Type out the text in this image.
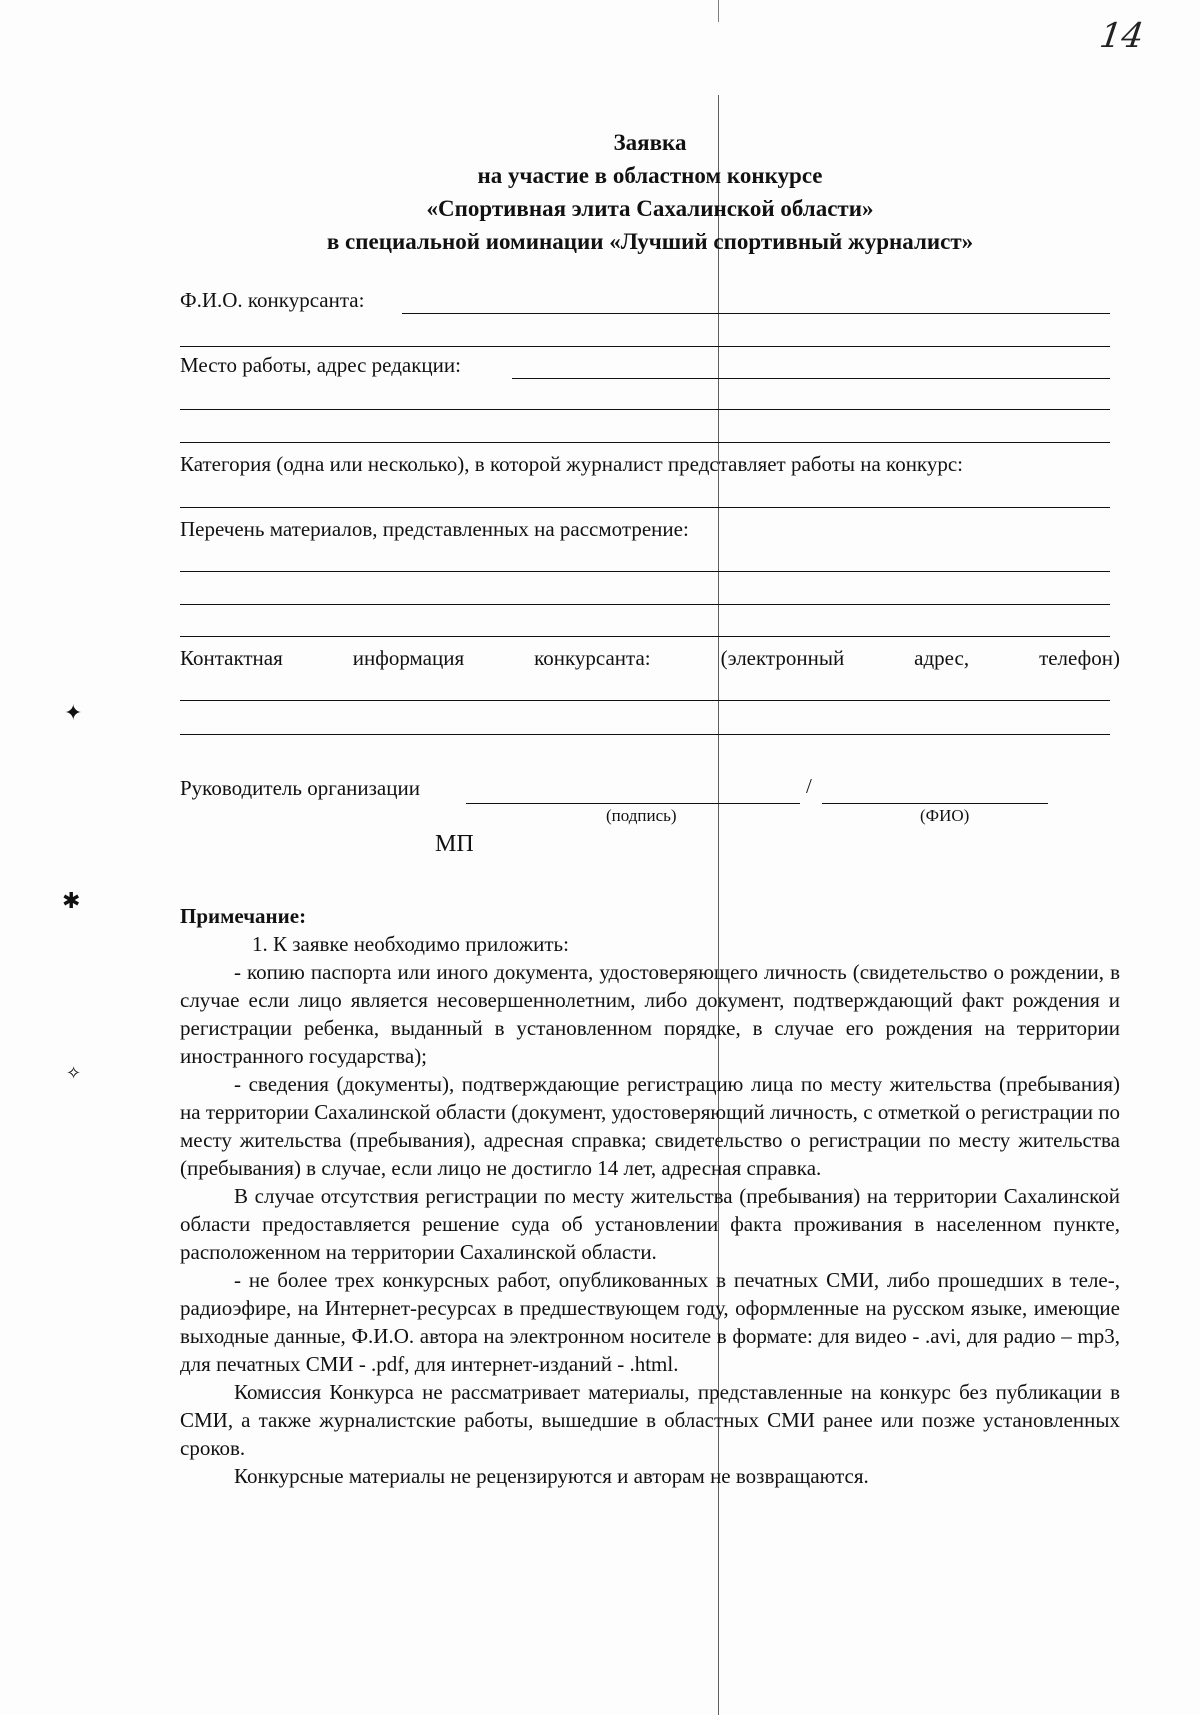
✦
✱
✧
14
Заявка
на участие в областном конкурсе
«Спортивная элита Сахалинской области»
в специальной иоминации «Лучший спортивный журналист»
Ф.И.О. конкурсанта:
Место работы, адрес редакции:
Категория (одна или несколько), в которой журналист представляет работы на конкурс:
Перечень материалов, представленных на рассмотрение:
Контактная	информация	конкурсанта:	(электронный	адрес,	телефон)
Руководитель организации	/
(подпись)	(ФИО)
МП
Примечание:

1. К заявке необходимо приложить:

- копию паспорта или иного документа, удостоверяющего личность (свидетельство о рождении, в случае если лицо является несовершеннолетним, либо документ, подтверждающий факт рождения и регистрации ребенка, выданный в установленном порядке, в случае его рождения на территории иностранного государства);

- сведения (документы), подтверждающие регистрацию лица по месту жительства (пребывания) на территории Сахалинской области (документ, удостоверяющий личность, с отметкой о регистрации по месту жительства (пребывания), адресная справка; свидетельство о регистрации по месту жительства (пребывания) в случае, если лицо не достигло 14 лет, адресная справка.

В случае отсутствия регистрации по месту жительства (пребывания) на территории Сахалинской области предоставляется решение суда об установлении факта проживания в населенном пункте, расположенном на территории Сахалинской области.

- не более трех конкурсных работ, опубликованных в печатных СМИ, либо прошедших в теле-, радиоэфире, на Интернет-ресурсах в предшествующем году, оформленные на русском языке, имеющие выходные данные, Ф.И.О. автора на электронном носителе в формате: для видео - .avi, для радио – mp3, для печатных СМИ - .pdf, для интернет-изданий - .html.

Комиссия Конкурса не рассматривает материалы, представленные на конкурс без публикации в СМИ, а также журналистские работы, вышедшие в областных СМИ ранее или позже установленных сроков.

Конкурсные материалы не рецензируются и авторам не возвращаются.
